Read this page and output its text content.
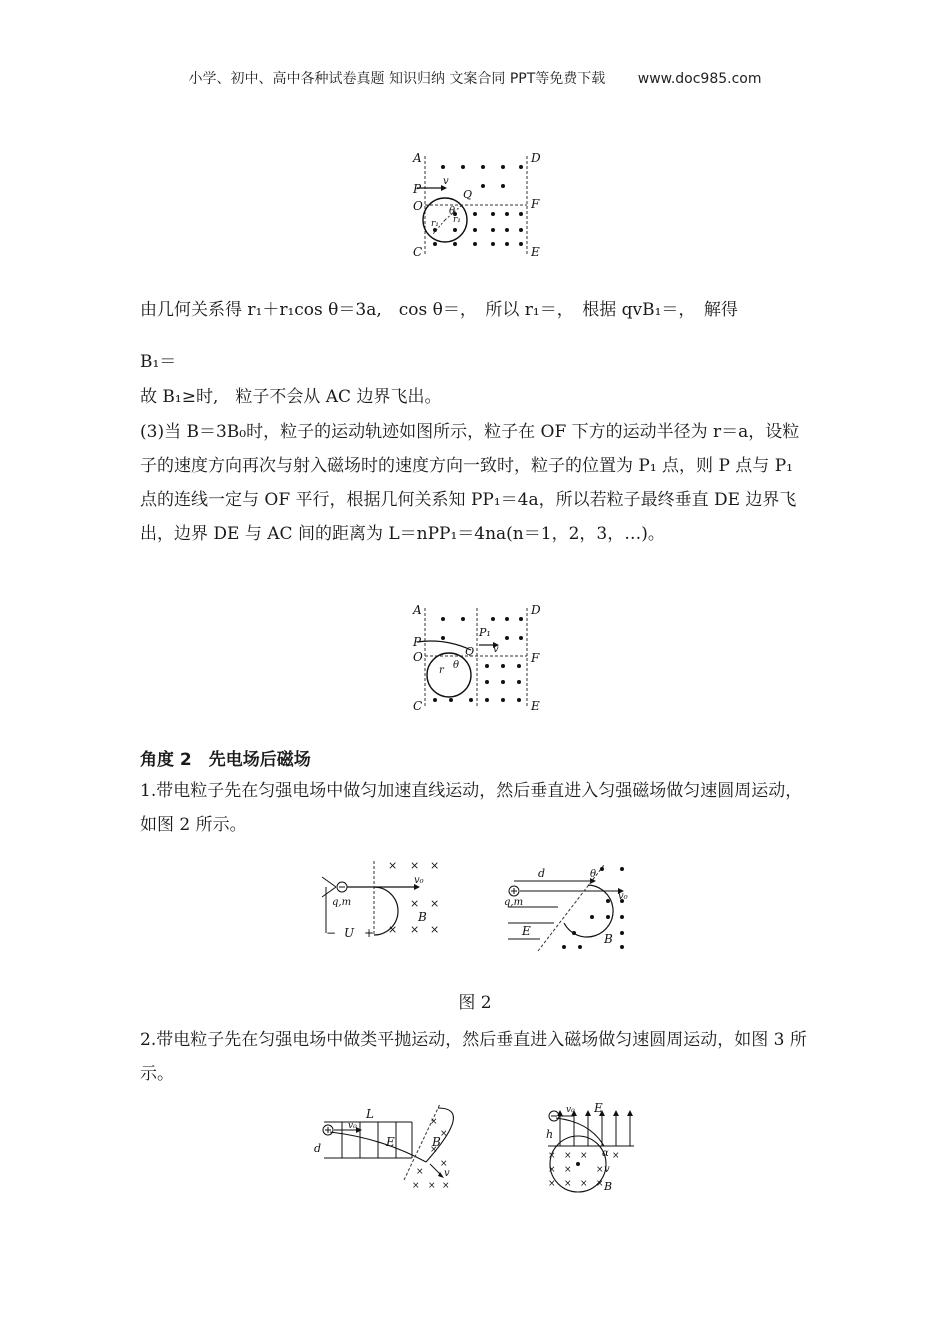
小学、初中、高中各种试卷真题 知识归纳 文案合同 PPT等免费下载 www.doc985.com
A	D
P
v
O
Q
F
θ
r₁ r₁
C	E
由几何关系得 r₁＋r₁cos θ＝3a,　cos θ＝，　所以 r₁＝，　根据 qvB₁＝，　解得
B₁＝
故 B₁≥时,　粒子不会从 AC 边界飞出。
(3)当 B＝3B₀时，粒子的运动轨迹如图所示，粒子在 OF 下方的运动半径为 r＝a，设粒子的速度方向再次与射入磁场时的速度方向一致时，粒子的位置为 P₁ 点，则 P 点与 P₁ 点的连线一定与 OF 平行，根据几何关系知 PP₁＝4a，所以若粒子最终垂直 DE 边界飞出，边界 DE 与 AC 间的距离为 L＝nPP₁＝4na(n＝1，2，3，…)。
A	D
P
P₁
v
O	Q	F
r θ
C	E
角度 2　先电场后磁场
1.带电粒子先在匀强电场中做匀加速直线运动，然后垂直进入匀强磁场做匀速圆周运动，如图 2 所示。
× × ×
× ×
× × ×
v₀
q,m
B
− U +
d	θ
v₀
q,m
E
B
图 2
2.带电粒子先在匀强电场中做类平抛运动，然后垂直进入磁场做匀速圆周运动，如图 3 所示。
×
×
×
×
×
× × ×
L
v₀
d	E	B
v
× × ×	×
× ×	×
× × × ×
v₀ E
h
α
v
B
